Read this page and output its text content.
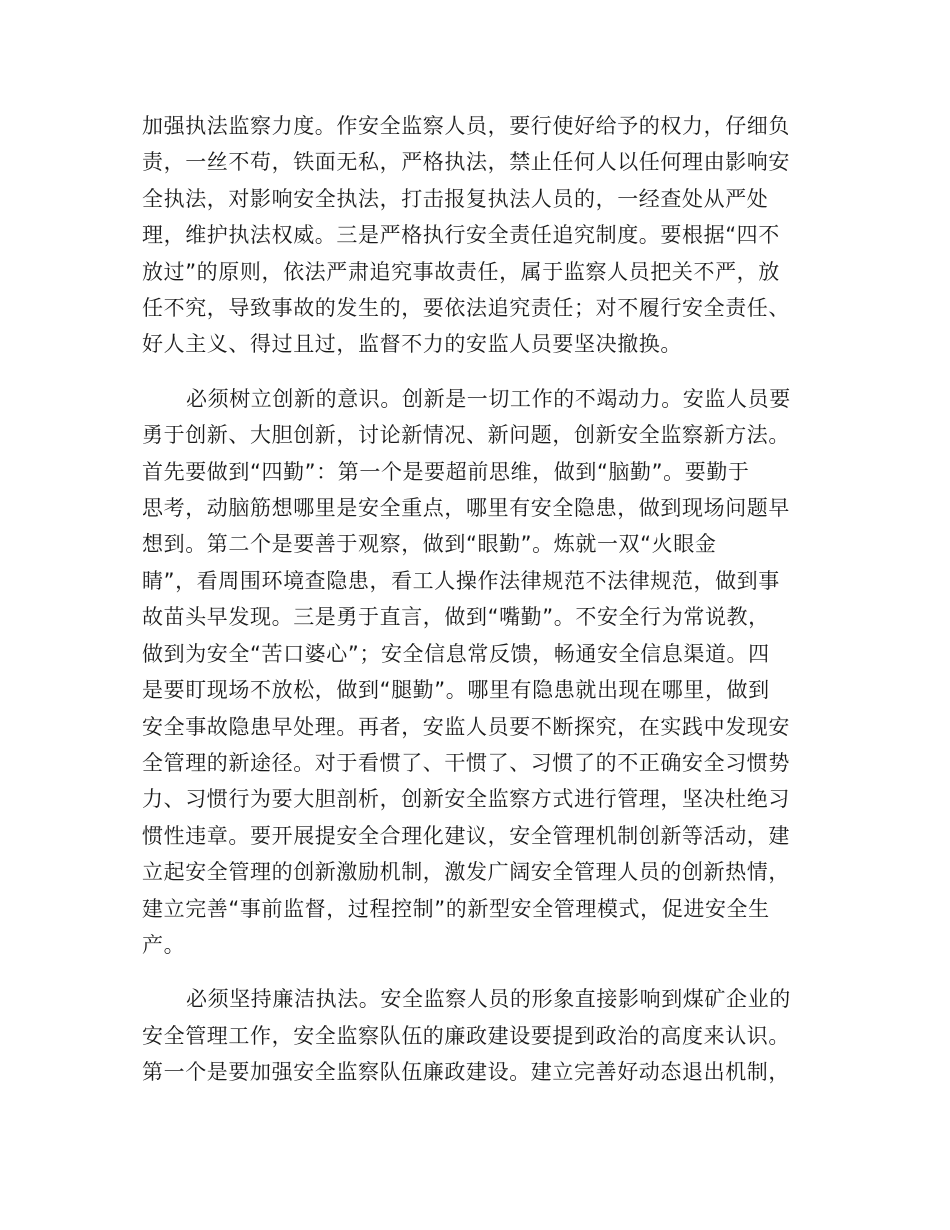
加强执法监察力度。作安全监察人员，要行使好给予的权力，仔细负
责，一丝不苟，铁面无私，严格执法，禁止任何人以任何理由影响安
全执法，对影响安全执法，打击报复执法人员的，一经查处从严处
理，维护执法权威。三是严格执行安全责任追究制度。要根据“四不
放过”的原则，依法严肃追究事故责任，属于监察人员把关不严，放
任不究，导致事故的发生的，要依法追究责任；对不履行安全责任、
好人主义、得过且过，监督不力的安监人员要坚决撤换。

必须树立创新的意识。创新是一切工作的不竭动力。安监人员要
勇于创新、大胆创新，讨论新情况、新问题，创新安全监察新方法。
首先要做到“四勤”：第一个是要超前思维，做到“脑勤”。要勤于
思考，动脑筋想哪里是安全重点，哪里有安全隐患，做到现场问题早
想到。第二个是要善于观察，做到“眼勤”。炼就一双“火眼金
睛”，看周围环境查隐患，看工人操作法律规范不法律规范，做到事
故苗头早发现。三是勇于直言，做到“嘴勤”。不安全行为常说教，
做到为安全“苦口婆心”；安全信息常反馈，畅通安全信息渠道。四
是要盯现场不放松，做到“腿勤”。哪里有隐患就出现在哪里，做到
安全事故隐患早处理。再者，安监人员要不断探究，在实践中发现安
全管理的新途径。对于看惯了、干惯了、习惯了的不正确安全习惯势
力、习惯行为要大胆剖析，创新安全监察方式进行管理，坚决杜绝习
惯性违章。要开展提安全合理化建议，安全管理机制创新等活动，建
立起安全管理的创新激励机制，激发广阔安全管理人员的创新热情，
建立完善“事前监督，过程控制”的新型安全管理模式，促进安全生
产。

必须坚持廉洁执法。安全监察人员的形象直接影响到煤矿企业的
安全管理工作，安全监察队伍的廉政建设要提到政治的高度来认识。
第一个是要加强安全监察队伍廉政建设。建立完善好动态退出机制，
